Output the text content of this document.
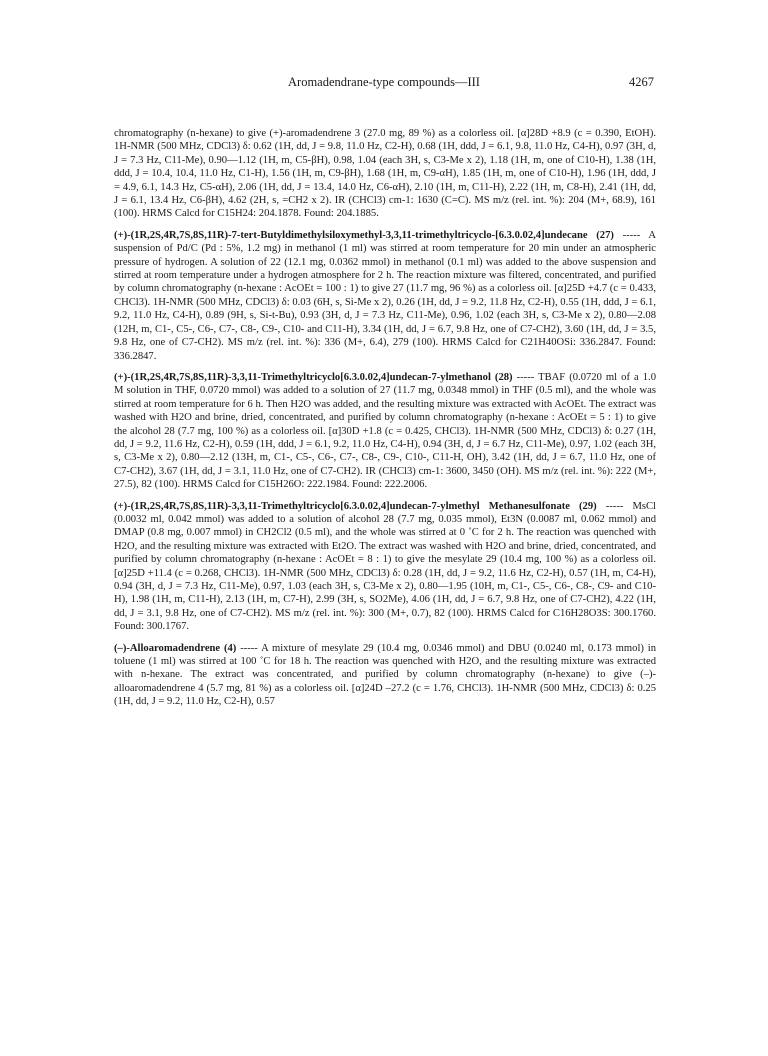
Aromadendrane-type compounds—III	4267

chromatography (n-hexane) to give (+)-aromadendrene 3 (27.0 mg, 89 %) as a colorless oil. [α]28D +8.9 (c = 0.390, EtOH). 1H-NMR (500 MHz, CDCl3) δ: 0.62 (1H, dd, J = 9.8, 11.0 Hz, C2-H), 0.68 (1H, ddd, J = 6.1, 9.8, 11.0 Hz, C4-H), 0.97 (3H, d, J = 7.3 Hz, C11-Me), 0.90—1.12 (1H, m, C5-βH), 0.98, 1.04 (each 3H, s, C3-Me x 2), 1.18 (1H, m, one of C10-H), 1.38 (1H, ddd, J = 10.4, 10.4, 11.0 Hz, C1-H), 1.56 (1H, m, C9-βH), 1.68 (1H, m, C9-αH), 1.85 (1H, m, one of C10-H), 1.96 (1H, ddd, J = 4.9, 6.1, 14.3 Hz, C5-αH), 2.06 (1H, dd, J = 13.4, 14.0 Hz, C6-αH), 2.10 (1H, m, C11-H), 2.22 (1H, m, C8-H), 2.41 (1H, dd, J = 6.1, 13.4 Hz, C6-βH), 4.62 (2H, s, =CH2 x 2). IR (CHCl3) cm-1: 1630 (C=C). MS m/z (rel. int. %): 204 (M+, 68.9), 161 (100). HRMS Calcd for C15H24: 204.1878. Found: 204.1885.

(+)-(1R,2S,4R,7S,8S,11R)-7-tert-Butyldimethylsiloxymethyl-3,3,11-trimethyltricyclo-[6.3.0.02,4]undecane (27) ----- A suspension of Pd/C (Pd : 5%, 1.2 mg) in methanol (1 ml) was stirred at room temperature for 20 min under an atmospheric pressure of hydrogen. A solution of 22 (12.1 mg, 0.0362 mmol) in methanol (0.1 ml) was added to the above suspension and stirred at room temperature under a hydrogen atmosphere for 2 h. The reaction mixture was filtered, concentrated, and purified by column chromatography (n-hexane : AcOEt = 100 : 1) to give 27 (11.7 mg, 96 %) as a colorless oil. [α]25D +4.7 (c = 0.433, CHCl3). 1H-NMR (500 MHz, CDCl3) δ: 0.03 (6H, s, Si-Me x 2), 0.26 (1H, dd, J = 9.2, 11.8 Hz, C2-H), 0.55 (1H, ddd, J = 6.1, 9.2, 11.0 Hz, C4-H), 0.89 (9H, s, Si-t-Bu), 0.93 (3H, d, J = 7.3 Hz, C11-Me), 0.96, 1.02 (each 3H, s, C3-Me x 2), 0.80—2.08 (12H, m, C1-, C5-, C6-, C7-, C8-, C9-, C10- and C11-H), 3.34 (1H, dd, J = 6.7, 9.8 Hz, one of C7-CH2), 3.60 (1H, dd, J = 3.5, 9.8 Hz, one of C7-CH2). MS m/z (rel. int. %): 336 (M+, 6.4), 279 (100). HRMS Calcd for C21H40OSi: 336.2847. Found: 336.2847.

(+)-(1R,2S,4R,7S,8S,11R)-3,3,11-Trimethyltricyclo[6.3.0.02,4]undecan-7-ylmethanol (28) ----- TBAF (0.0720 ml of a 1.0 M solution in THF, 0.0720 mmol) was added to a solution of 27 (11.7 mg, 0.0348 mmol) in THF (0.5 ml), and the whole was stirred at room temperature for 6 h. Then H2O was added, and the resulting mixture was extracted with AcOEt. The extract was washed with H2O and brine, dried, concentrated, and purified by column chromatography (n-hexane : AcOEt = 5 : 1) to give the alcohol 28 (7.7 mg, 100 %) as a colorless oil. [α]30D +1.8 (c = 0.425, CHCl3). 1H-NMR (500 MHz, CDCl3) δ: 0.27 (1H, dd, J = 9.2, 11.6 Hz, C2-H), 0.59 (1H, ddd, J = 6.1, 9.2, 11.0 Hz, C4-H), 0.94 (3H, d, J = 6.7 Hz, C11-Me), 0.97, 1.02 (each 3H, s, C3-Me x 2), 0.80—2.12 (13H, m, C1-, C5-, C6-, C7-, C8-, C9-, C10-, C11-H, OH), 3.42 (1H, dd, J = 6.7, 11.0 Hz, one of C7-CH2), 3.67 (1H, dd, J = 3.1, 11.0 Hz, one of C7-CH2). IR (CHCl3) cm-1: 3600, 3450 (OH). MS m/z (rel. int. %): 222 (M+, 27.5), 82 (100). HRMS Calcd for C15H26O: 222.1984. Found: 222.2006.

(+)-(1R,2S,4R,7S,8S,11R)-3,3,11-Trimethyltricyclo[6.3.0.02,4]undecan-7-ylmethyl Methanesulfonate (29) ----- MsCl (0.0032 ml, 0.042 mmol) was added to a solution of alcohol 28 (7.7 mg, 0.035 mmol), Et3N (0.0087 ml, 0.062 mmol) and DMAP (0.8 mg, 0.007 mmol) in CH2Cl2 (0.5 ml), and the whole was stirred at 0 ˚C for 2 h. The reaction was quenched with H2O, and the resulting mixture was extracted with Et2O. The extract was washed with H2O and brine, dried, concentrated, and purified by column chromatography (n-hexane : AcOEt = 8 : 1) to give the mesylate 29 (10.4 mg, 100 %) as a colorless oil. [α]25D +11.4 (c = 0.268, CHCl3). 1H-NMR (500 MHz, CDCl3) δ: 0.28 (1H, dd, J = 9.2, 11.6 Hz, C2-H), 0.57 (1H, m, C4-H), 0.94 (3H, d, J = 7.3 Hz, C11-Me), 0.97, 1.03 (each 3H, s, C3-Me x 2), 0.80—1.95 (10H, m, C1-, C5-, C6-, C8-, C9- and C10-H), 1.98 (1H, m, C11-H), 2.13 (1H, m, C7-H), 2.99 (3H, s, SO2Me), 4.06 (1H, dd, J = 6.7, 9.8 Hz, one of C7-CH2), 4.22 (1H, dd, J = 3.1, 9.8 Hz, one of C7-CH2). MS m/z (rel. int. %): 300 (M+, 0.7), 82 (100). HRMS Calcd for C16H28O3S: 300.1760. Found: 300.1767.

(–)-Alloaromadendrene (4) ----- A mixture of mesylate 29 (10.4 mg, 0.0346 mmol) and DBU (0.0240 ml, 0.173 mmol) in toluene (1 ml) was stirred at 100 ˚C for 18 h. The reaction was quenched with H2O, and the resulting mixture was extracted with n-hexane. The extract was concentrated, and purified by column chromatography (n-hexane) to give (–)-alloaromadendrene 4 (5.7 mg, 81 %) as a colorless oil. [α]24D –27.2 (c = 1.76, CHCl3). 1H-NMR (500 MHz, CDCl3) δ: 0.25 (1H, dd, J = 9.2, 11.0 Hz, C2-H), 0.57
